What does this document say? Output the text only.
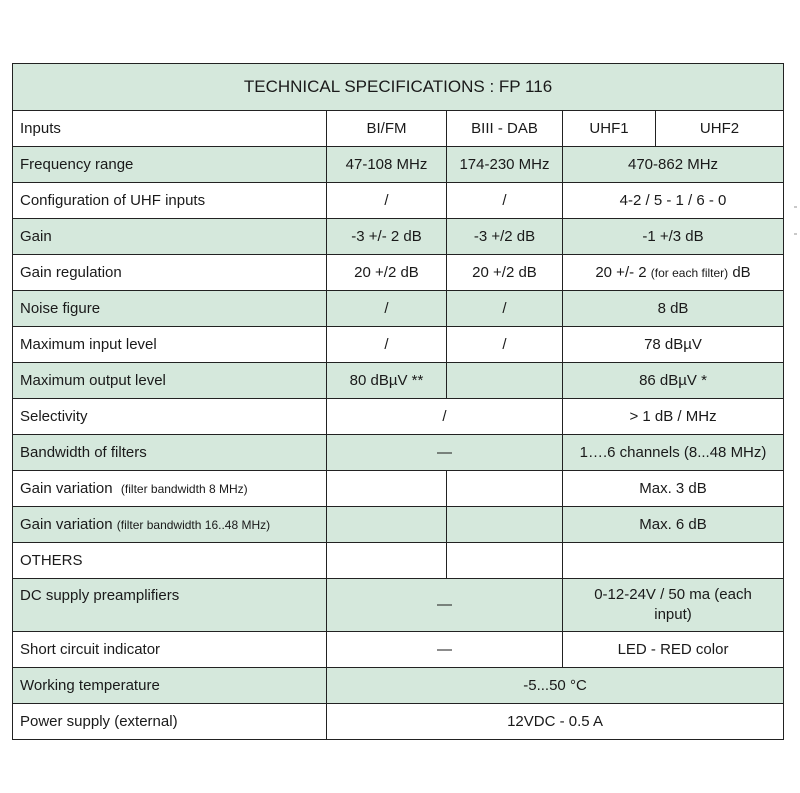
TECHNICAL SPECIFICATIONS : FP 116				
Inputs	BI/FM	BIII - DAB	UHF1	UHF2
Frequency range	47-108 MHz	174-230 MHz	470-862 MHz	
Configuration of UHF inputs	/	/	4-2 / 5 - 1 / 6 - 0	
Gain	-3 +/- 2 dB	-3 +/2 dB	-1 +/3 dB	
Gain regulation	20 +/2 dB	20 +/2 dB	20 +/- 2 (for each filter) dB	
Noise figure	/	/	8 dB	
Maximum input level	/	/	78 dBµV	
Maximum output level	80 dBµV **		86 dBµV *	
Selectivity	/		> 1 dB / MHz	
Bandwidth of filters	—		1….6 channels (8...48 MHz)	
Gain variation (filter bandwidth 8 MHz)			Max. 3 dB	
Gain variation (filter bandwidth 16..48 MHz)			Max. 6 dB	
OTHERS				
DC supply preamplifiers	—		0-12-24V / 50 ma (each input)	
Short circuit indicator	—		LED - RED color	
Working temperature	-5...50 °C			
Power supply (external)	12VDC - 0.5 A			
